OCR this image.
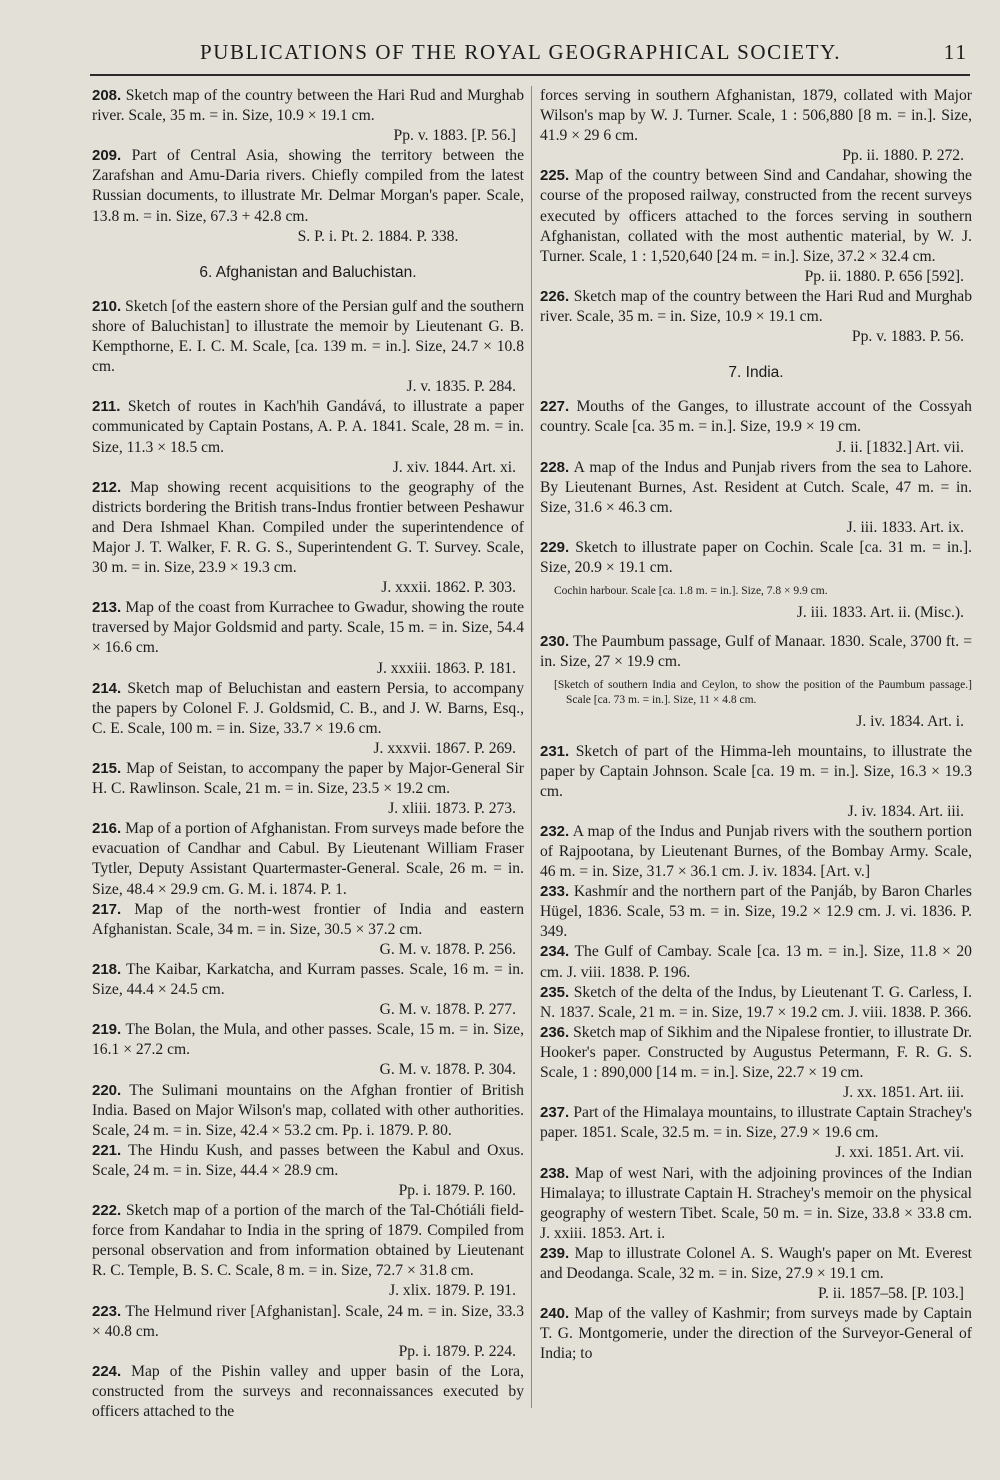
PUBLICATIONS OF THE ROYAL GEOGRAPHICAL SOCIETY.	11

208. Sketch map of the country between the Hari Rud and Murghab river. Scale, 35 m. = in. Size, 10.9 × 19.1 cm.

Pp. v. 1883. [P. 56.]

209. Part of Central Asia, showing the territory between the Zarafshan and Amu-Daria rivers. Chiefly compiled from the latest Russian documents, to illustrate Mr. Delmar Morgan's paper. Scale, 13.8 m. = in. Size, 67.3 + 42.8 cm.

S. P. i. Pt. 2. 1884. P. 338.

6. Afghanistan and Baluchistan.

210. Sketch [of the eastern shore of the Persian gulf and the southern shore of Baluchistan] to illustrate the memoir by Lieutenant G. B. Kempthorne, E. I. C. M. Scale, [ca. 139 m. = in.]. Size, 24.7 × 10.8 cm.

J. v. 1835. P. 284.

211. Sketch of routes in Kach'hih Gandává, to illustrate a paper communicated by Captain Postans, A. P. A. 1841. Scale, 28 m. = in. Size, 11.3 × 18.5 cm.

J. xiv. 1844. Art. xi.

212. Map showing recent acquisitions to the geography of the districts bordering the British trans-Indus frontier between Peshawur and Dera Ishmael Khan. Compiled under the superintendence of Major J. T. Walker, F. R. G. S., Superintendent G. T. Survey. Scale, 30 m. = in. Size, 23.9 × 19.3 cm.

J. xxxii. 1862. P. 303.

213. Map of the coast from Kurrachee to Gwadur, showing the route traversed by Major Goldsmid and party. Scale, 15 m. = in. Size, 54.4 × 16.6 cm.

J. xxxiii. 1863. P. 181.

214. Sketch map of Beluchistan and eastern Persia, to accompany the papers by Colonel F. J. Goldsmid, C. B., and J. W. Barns, Esq., C. E. Scale, 100 m. = in. Size, 33.7 × 19.6 cm.

J. xxxvii. 1867. P. 269.

215. Map of Seistan, to accompany the paper by Major-General Sir H. C. Rawlinson. Scale, 21 m. = in. Size, 23.5 × 19.2 cm.

J. xliii. 1873. P. 273.

216. Map of a portion of Afghanistan. From surveys made before the evacuation of Candhar and Cabul. By Lieutenant William Fraser Tytler, Deputy Assistant Quartermaster-General. Scale, 26 m. = in. Size, 48.4 × 29.9 cm. G. M. i. 1874. P. 1.

217. Map of the north-west frontier of India and eastern Afghanistan. Scale, 34 m. = in. Size, 30.5 × 37.2 cm.

G. M. v. 1878. P. 256.

218. The Kaibar, Karkatcha, and Kurram passes. Scale, 16 m. = in. Size, 44.4 × 24.5 cm.

G. M. v. 1878. P. 277.

219. The Bolan, the Mula, and other passes. Scale, 15 m. = in. Size, 16.1 × 27.2 cm.

G. M. v. 1878. P. 304.

220. The Sulimani mountains on the Afghan frontier of British India. Based on Major Wilson's map, collated with other authorities. Scale, 24 m. = in. Size, 42.4 × 53.2 cm. Pp. i. 1879. P. 80.

221. The Hindu Kush, and passes between the Kabul and Oxus. Scale, 24 m. = in. Size, 44.4 × 28.9 cm.

Pp. i. 1879. P. 160.

222. Sketch map of a portion of the march of the Tal-Chótiáli field-force from Kandahar to India in the spring of 1879. Compiled from personal observation and from information obtained by Lieutenant R. C. Temple, B. S. C. Scale, 8 m. = in. Size, 72.7 × 31.8 cm.

J. xlix. 1879. P. 191.

223. The Helmund river [Afghanistan]. Scale, 24 m. = in. Size, 33.3 × 40.8 cm.

Pp. i. 1879. P. 224.

224. Map of the Pishin valley and upper basin of the Lora, constructed from the surveys and reconnaissances executed by officers attached to the

forces serving in southern Afghanistan, 1879, collated with Major Wilson's map by W. J. Turner. Scale, 1 : 506,880 [8 m. = in.]. Size, 41.9 × 29 6 cm.

Pp. ii. 1880. P. 272.

225. Map of the country between Sind and Candahar, showing the course of the proposed railway, constructed from the recent surveys executed by officers attached to the forces serving in southern Afghanistan, collated with the most authentic material, by W. J. Turner. Scale, 1 : 1,520,640 [24 m. = in.]. Size, 37.2 × 32.4 cm.

Pp. ii. 1880. P. 656 [592].

226. Sketch map of the country between the Hari Rud and Murghab river. Scale, 35 m. = in. Size, 10.9 × 19.1 cm.

Pp. v. 1883. P. 56.

7. India.

227. Mouths of the Ganges, to illustrate account of the Cossyah country. Scale [ca. 35 m. = in.]. Size, 19.9 × 19 cm.

J. ii. [1832.] Art. vii.

228. A map of the Indus and Punjab rivers from the sea to Lahore. By Lieutenant Burnes, Ast. Resident at Cutch. Scale, 47 m. = in. Size, 31.6 × 46.3 cm.

J. iii. 1833. Art. ix.

229. Sketch to illustrate paper on Cochin. Scale [ca. 31 m. = in.]. Size, 20.9 × 19.1 cm.

Cochin harbour. Scale [ca. 1.8 m. = in.]. Size, 7.8 × 9.9 cm.

J. iii. 1833. Art. ii. (Misc.).

230. The Paumbum passage, Gulf of Manaar. 1830. Scale, 3700 ft. = in. Size, 27 × 19.9 cm.

[Sketch of southern India and Ceylon, to show the position of the Paumbum passage.] Scale [ca. 73 m. = in.]. Size, 11 × 4.8 cm.

J. iv. 1834. Art. i.

231. Sketch of part of the Himma-leh mountains, to illustrate the paper by Captain Johnson. Scale [ca. 19 m. = in.]. Size, 16.3 × 19.3 cm.

J. iv. 1834. Art. iii.

232. A map of the Indus and Punjab rivers with the southern portion of Rajpootana, by Lieutenant Burnes, of the Bombay Army. Scale, 46 m. = in. Size, 31.7 × 36.1 cm. J. iv. 1834. [Art. v.]

233. Kashmír and the northern part of the Panjáb, by Baron Charles Hügel, 1836. Scale, 53 m. = in. Size, 19.2 × 12.9 cm. J. vi. 1836. P. 349.

234. The Gulf of Cambay. Scale [ca. 13 m. = in.]. Size, 11.8 × 20 cm. J. viii. 1838. P. 196.

235. Sketch of the delta of the Indus, by Lieutenant T. G. Carless, I. N. 1837. Scale, 21 m. = in. Size, 19.7 × 19.2 cm. J. viii. 1838. P. 366.

236. Sketch map of Sikhim and the Nipalese frontier, to illustrate Dr. Hooker's paper. Constructed by Augustus Petermann, F. R. G. S. Scale, 1 : 890,000 [14 m. = in.]. Size, 22.7 × 19 cm.

J. xx. 1851. Art. iii.

237. Part of the Himalaya mountains, to illustrate Captain Strachey's paper. 1851. Scale, 32.5 m. = in. Size, 27.9 × 19.6 cm.

J. xxi. 1851. Art. vii.

238. Map of west Nari, with the adjoining provinces of the Indian Himalaya; to illustrate Captain H. Strachey's memoir on the physical geography of western Tibet. Scale, 50 m. = in. Size, 33.8 × 33.8 cm. J. xxiii. 1853. Art. i.

239. Map to illustrate Colonel A. S. Waugh's paper on Mt. Everest and Deodanga. Scale, 32 m. = in. Size, 27.9 × 19.1 cm.

P. ii. 1857–58. [P. 103.]

240. Map of the valley of Kashmir; from surveys made by Captain T. G. Montgomerie, under the direction of the Surveyor-General of India; to
